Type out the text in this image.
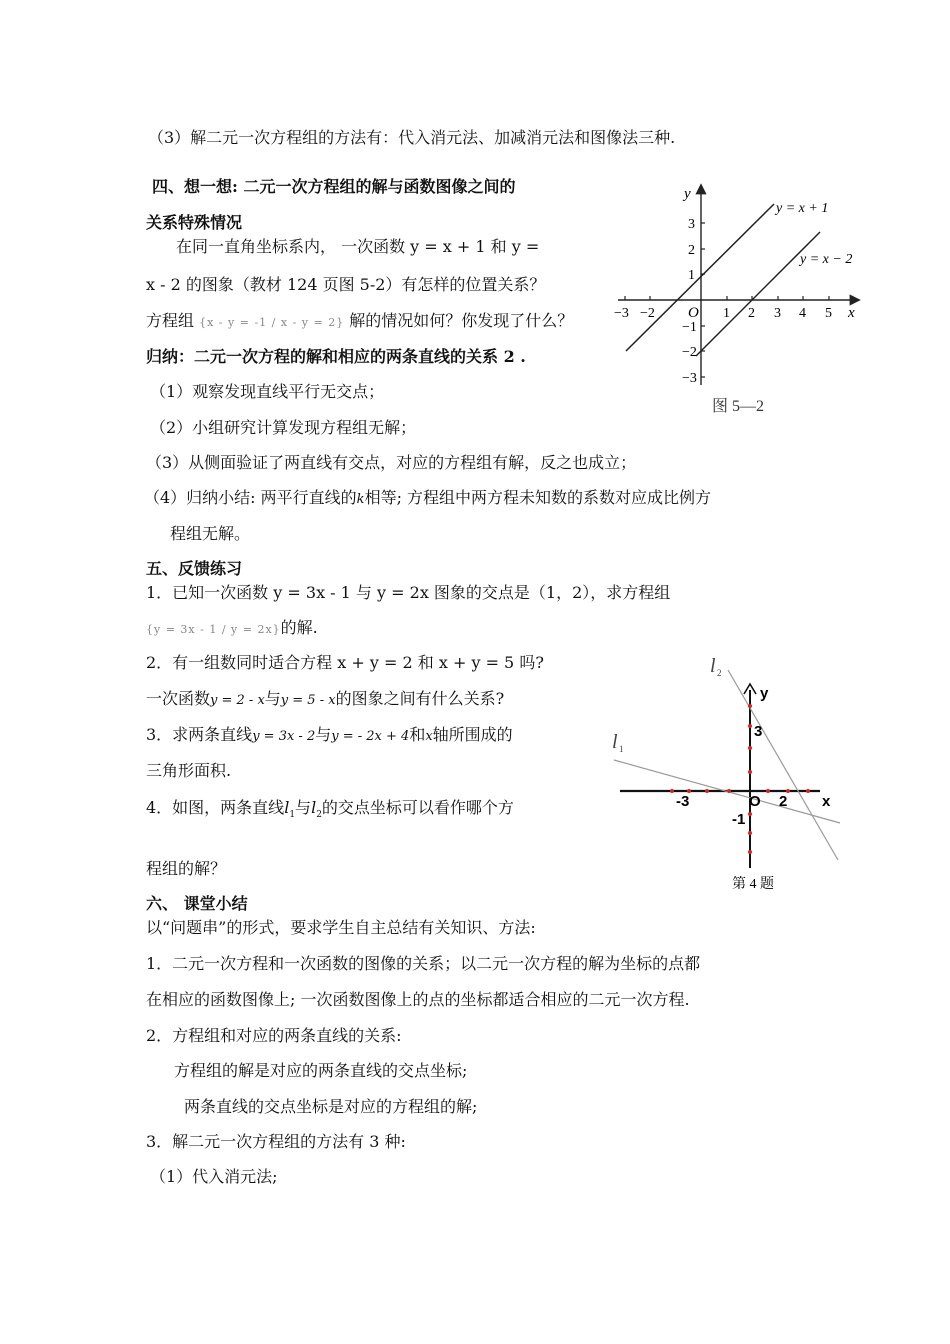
（3）解二元一次方程组的方法有：代入消元法、加减消元法和图像法三种.
四、想一想: 二元一次方程组的解与函数图像之间的
关系特殊情况
在同一直角坐标系内， 一次函数 y = x + 1 和 y =
x - 2 的图象（教材 124 页图 5-2）有怎样的位置关系？
方程组 {x - y = -1 / x - y = 2} 解的情况如何？你发现了什么？
归纳：二元一次方程的解和相应的两条直线的关系 2 .
（1）观察发现直线平行无交点；
（2）小组研究计算发现方程组无解；
（3）从侧面验证了两直线有交点，对应的方程组有解，反之也成立；
（4）归纳小结: 两平行直线的k相等; 方程组中两方程未知数的系数对应成比例方
程组无解。
y = x + 1
y = x − 2
x
y
O
−3 −2	1 2 3 4 5
3
2
1
−1
−2
−3
图 5—2
五、反馈练习
1．已知一次函数 y = 3x - 1 与 y = 2x 图象的交点是（1，2），求方程组
{y = 3x - 1 / y = 2x}的解.
2．有一组数同时适合方程 x + y = 2 和 x + y = 5 吗?
一次函数y = 2 - x与y = 5 - x的图象之间有什么关系?
3．求两条直线y = 3x - 2与y = - 2x + 4和x轴所围成的
三角形面积.
4．如图，两条直线$l_1$与$l_2$的交点坐标可以看作哪个方
程组的解？
l 2
l 1
y
x
O
-3	2
3
-1
第 4 题
六、 课堂小结
以“问题串”的形式，要求学生自主总结有关知识、方法:
1．二元一次方程和一次函数的图像的关系；以二元一次方程的解为坐标的点都
在相应的函数图像上; 一次函数图像上的点的坐标都适合相应的二元一次方程.
2．方程组和对应的两条直线的关系:
方程组的解是对应的两条直线的交点坐标;
两条直线的交点坐标是对应的方程组的解;
3．解二元一次方程组的方法有 3 种:
（1）代入消元法;
